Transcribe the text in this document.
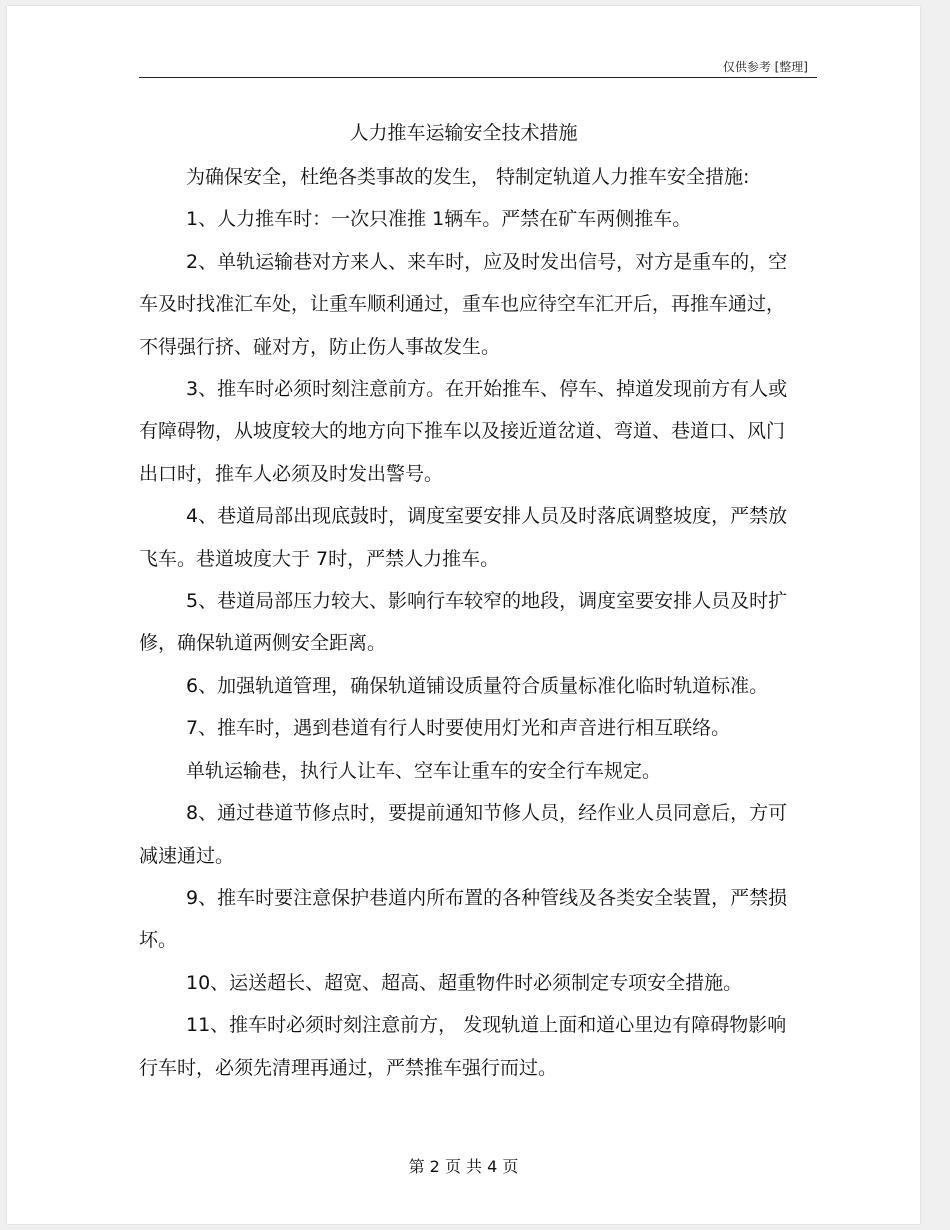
仅供参考 [整理]
人力推车运输安全技术措施

为确保安全，杜绝各类事故的发生， 特制定轨道人力推车安全措施:

1、人力推车时：一次只准推 1辆车。严禁在矿车两侧推车。

2、单轨运输巷对方来人、来车时，应及时发出信号，对方是重车的，空车及时找准汇车处，让重车顺利通过，重车也应待空车汇开后，再推车通过，不得强行挤、碰对方，防止伤人事故发生。

3、推车时必须时刻注意前方。在开始推车、停车、掉道发现前方有人或有障碍物，从坡度较大的地方向下推车以及接近道岔道、弯道、巷道口、风门出口时，推车人必须及时发出警号。

4、巷道局部出现底鼓时，调度室要安排人员及时落底调整坡度，严禁放飞车。巷道坡度大于 7时，严禁人力推车。

5、巷道局部压力较大、影响行车较窄的地段，调度室要安排人员及时扩修，确保轨道两侧安全距离。

6、加强轨道管理，确保轨道铺设质量符合质量标准化临时轨道标准。

7、推车时，遇到巷道有行人时要使用灯光和声音进行相互联络。

单轨运输巷，执行人让车、空车让重车的安全行车规定。

8、通过巷道节修点时，要提前通知节修人员，经作业人员同意后，方可减速通过。

9、推车时要注意保护巷道内所布置的各种管线及各类安全装置，严禁损坏。

10、运送超长、超宽、超高、超重物件时必须制定专项安全措施。

11、推车时必须时刻注意前方， 发现轨道上面和道心里边有障碍物影响行车时，必须先清理再通过，严禁推车强行而过。

第 2 页 共 4 页
